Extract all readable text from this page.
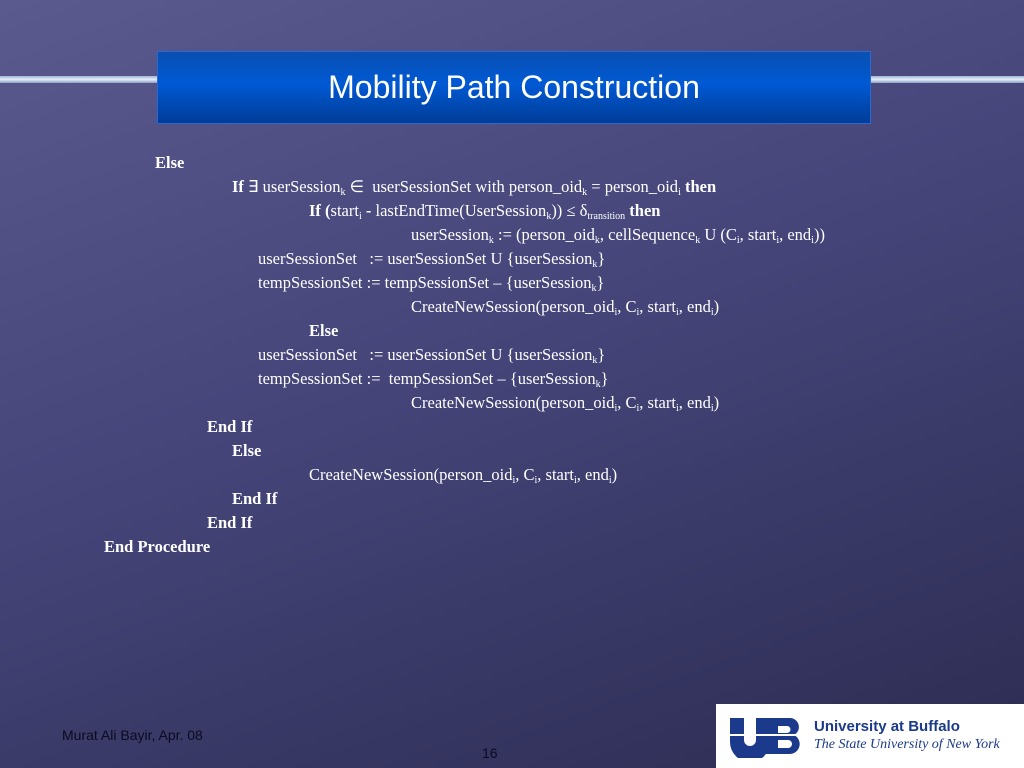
Mobility Path Construction
Else
If ∃ userSession$_k$ ∈  userSessionSet with person_oid$_k$ = person_oid$_i$ then
If (start$_i$ - lastEndTime(UserSession$_k$)) ≤ $\delta_{transition}$ then
userSession$_k$ := (person_oid$_k$, cellSequence$_k$ U ($C_i$, start$_i$, end$_i$))
userSessionSet   := userSessionSet U {userSession$_k$}
tempSessionSet := tempSessionSet – {userSession$_k$}
CreateNewSession(person_oid$_i$, $C_i$, start$_i$, end$_i$)
Else
userSessionSet   := userSessionSet U {userSession$_k$}
tempSessionSet :=  tempSessionSet – {userSession$_k$}
CreateNewSession(person_oid$_i$, $C_i$, start$_i$, end$_i$)
End If
Else
CreateNewSession(person_oid$_i$, $C_i$, start$_i$, end$_i$)
End If
End If
End Procedure
Murat Ali Bayir, Apr. 08
16
University at Buffalo
The State University of New York
